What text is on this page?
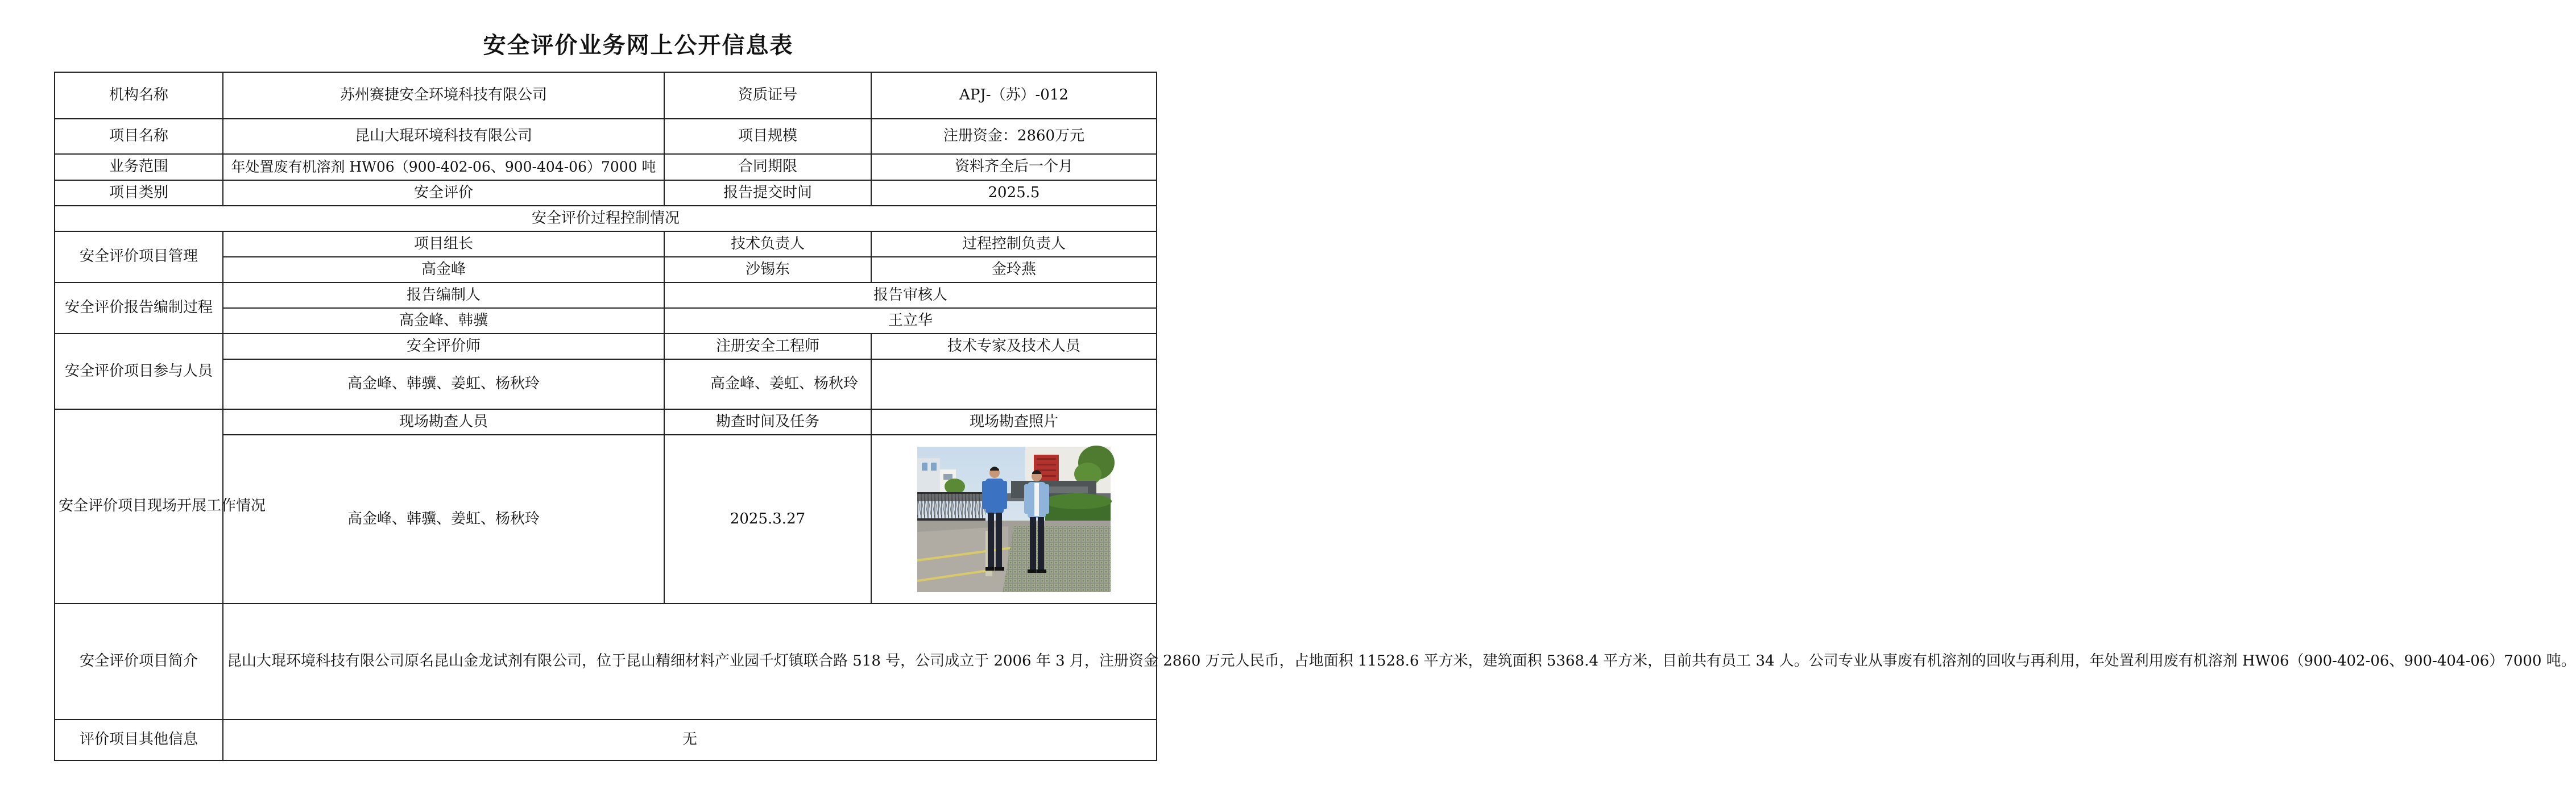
安全评价业务网上公开信息表
机构名称	苏州赛捷安全环境科技有限公司	资质证号	APJ-（苏）-012
项目名称	昆山大琨环境科技有限公司	项目规模	注册资金：2860万元
业务范围	年处置废有机溶剂 HW06（900-402-06、900-404-06）7000 吨	合同期限	资料齐全后一个月
项目类别	安全评价	报告提交时间	2025.5
安全评价过程控制情况			
安全评价项目管理	项目组长	技术负责人	过程控制负责人
	高金峰	沙锡东	金玲燕
安全评价报告编制过程	报告编制人	报告审核人	
	高金峰、韩骥	王立华	
安全评价项目参与人员	安全评价师	注册安全工程师	技术专家及技术人员
	高金峰、韩骥、姜虹、杨秋玲	高金峰、姜虹、杨秋玲	
安全评价项目现场开展工作情况	现场勘查人员	勘查时间及任务	现场勘查照片
	高金峰、韩骥、姜虹、杨秋玲	2025.3.27	

安全评价项目简介	昆山大琨环境科技有限公司原名昆山金龙试剂有限公司，位于昆山精细材料产业园千灯镇联合路 518 号，公司成立于 2006 年 3 月，注册资金 2860 万元人民币，占地面积 11528.6 平方米，建筑面积 5368.4 平方米，目前共有员工 34 人。公司专业从事废有机溶剂的回收与再利用，年处置利用废有机溶剂 HW06（900-402-06、900-404-06）7000 吨。		
评价项目其他信息	无		
